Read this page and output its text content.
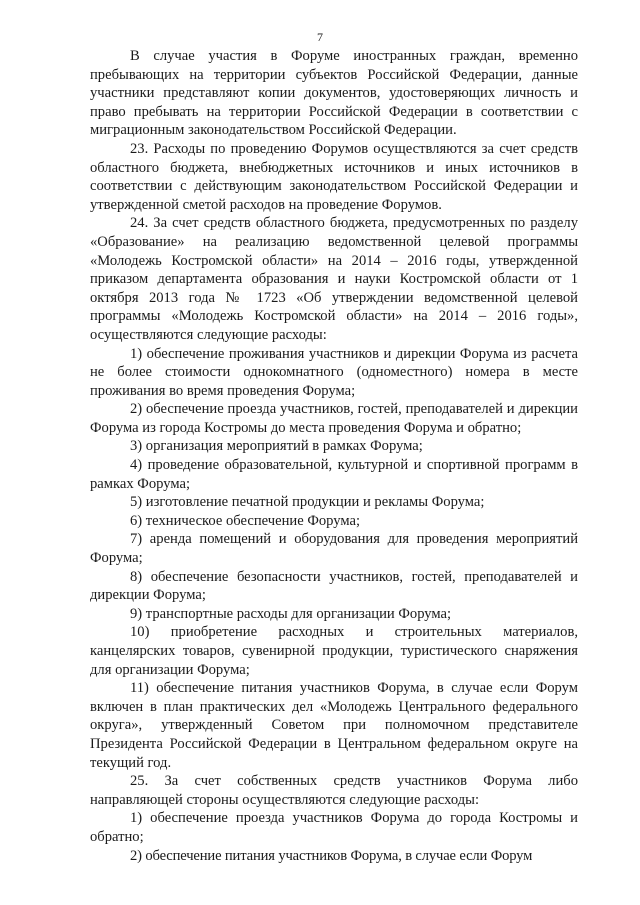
7

В случае участия в Форуме иностранных граждан, временно пребывающих на территории субъектов Российской Федерации, данные участники представляют копии документов, удостоверяющих личность и право пребывать на территории Российской Федерации в соответствии с миграционным законодательством Российской Федерации.

23. Расходы по проведению Форумов осуществляются за счет средств областного бюджета, внебюджетных источников и иных источников в соответствии с действующим законодательством Российской Федерации и утвержденной сметой расходов на проведение Форумов.

24. За счет средств областного бюджета, предусмотренных по разделу «Образование» на реализацию ведомственной целевой программы «Молодежь Костромской области» на 2014 – 2016 годы, утвержденной приказом департамента образования и науки Костромской области от 1 октября 2013 года № 1723 «Об утверждении ведомственной целевой программы «Молодежь Костромской области» на 2014 – 2016 годы», осуществляются следующие расходы:

1) обеспечение проживания участников и дирекции Форума из расчета не более стоимости однокомнатного (одноместного) номера в месте проживания во время проведения Форума;

2) обеспечение проезда участников, гостей, преподавателей и дирекции Форума из города Костромы до места проведения Форума и обратно;

3) организация мероприятий в рамках Форума;

4) проведение образовательной, культурной и спортивной программ в рамках Форума;

5) изготовление печатной продукции и рекламы Форума;

6) техническое обеспечение Форума;

7) аренда помещений и оборудования для проведения мероприятий Форума;

8) обеспечение безопасности участников, гостей, преподавателей и дирекции Форума;

9) транспортные расходы для организации Форума;

10) приобретение расходных и строительных материалов, канцелярских товаров, сувенирной продукции, туристического снаряжения для организации Форума;

11) обеспечение питания участников Форума, в случае если Форум включен в план практических дел «Молодежь Центрального федерального округа», утвержденный Советом при полномочном представителе Президента Российской Федерации в Центральном федеральном округе на текущий год.

25. За счет собственных средств участников Форума либо направляющей стороны осуществляются следующие расходы:

1) обеспечение проезда участников Форума до города Костромы и обратно;

2) обеспечение питания участников Форума, в случае если Форум
